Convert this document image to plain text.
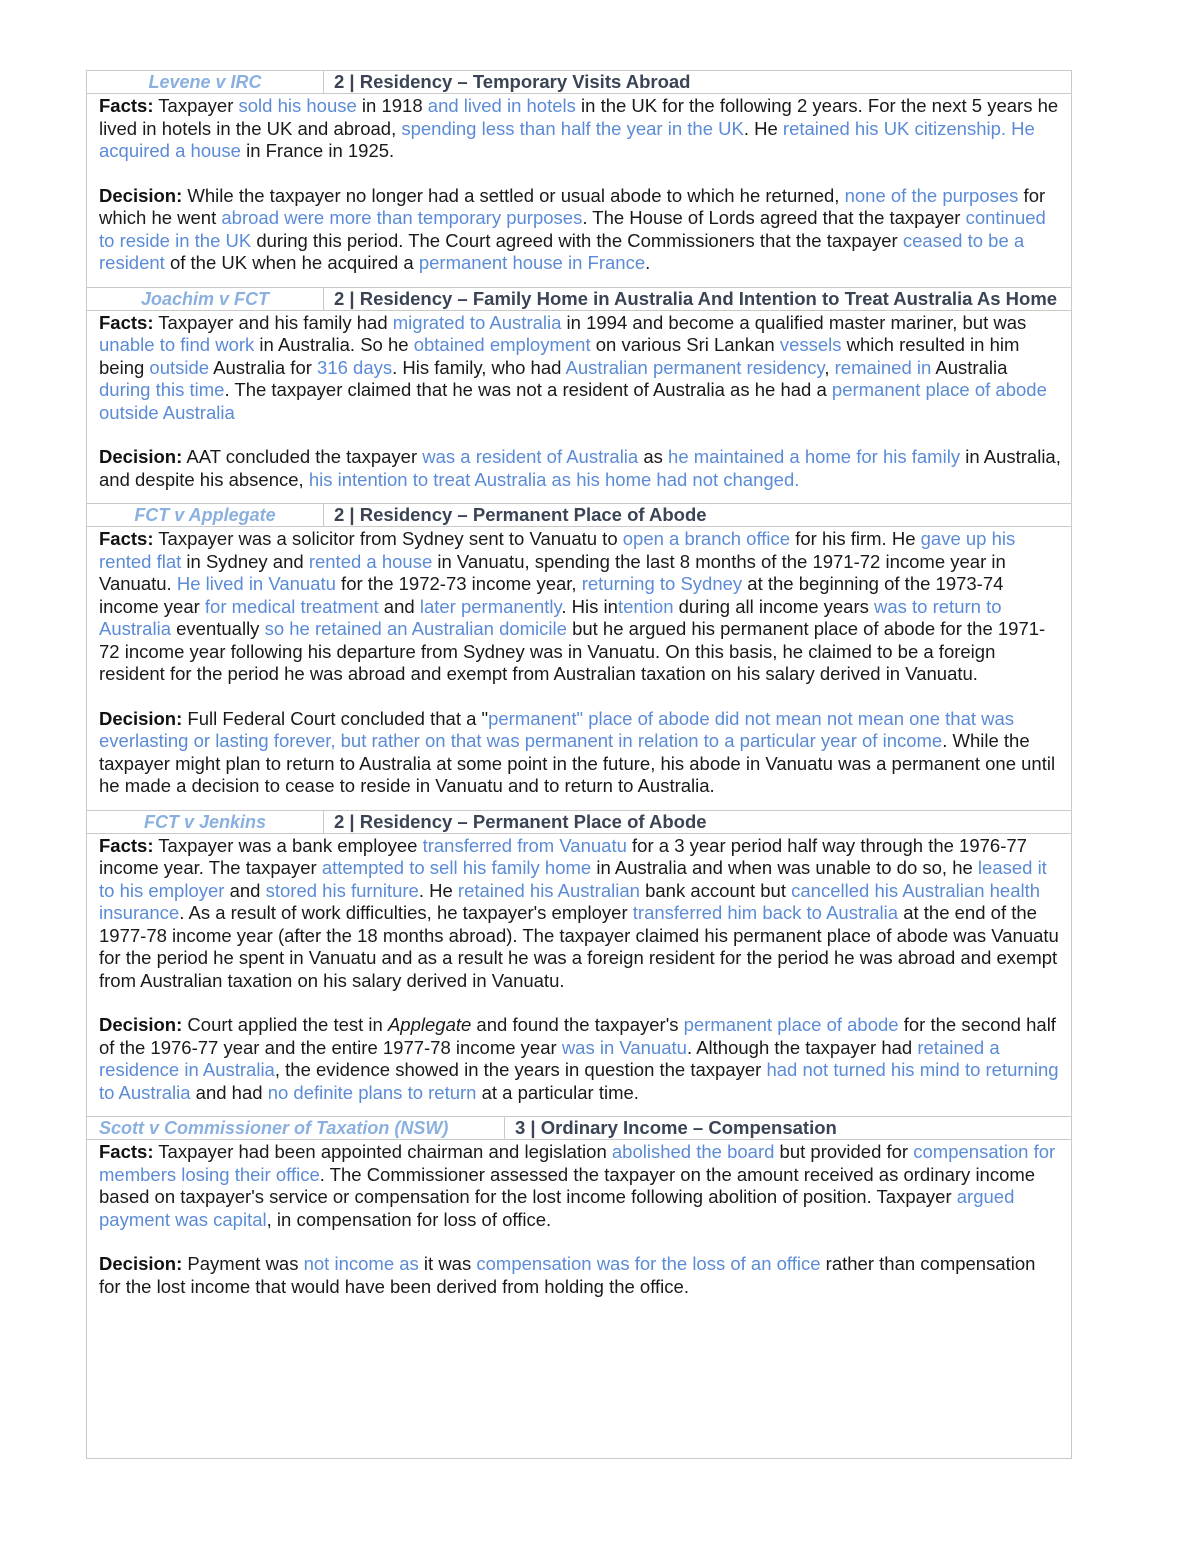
Levene v IRC	2 | Residency – Temporary Visits Abroad

Facts: Taxpayer sold his house in 1918 and lived in hotels in the UK for the following 2 years. For the next 5 years he lived in hotels in the UK and abroad, spending less than half the year in the UK. He retained his UK citizenship. He acquired a house in France in 1925.

Decision: While the taxpayer no longer had a settled or usual abode to which he returned, none of the purposes for which he went abroad were more than temporary purposes. The House of Lords agreed that the taxpayer continued to reside in the UK during this period. The Court agreed with the Commissioners that the taxpayer ceased to be a resident of the UK when he acquired a permanent house in France.

Joachim v FCT	2 | Residency – Family Home in Australia And Intention to Treat Australia As Home

Facts: Taxpayer and his family had migrated to Australia in 1994 and become a qualified master mariner, but was unable to find work in Australia. So he obtained employment on various Sri Lankan vessels which resulted in him being outside Australia for 316 days. His family, who had Australian permanent residency, remained in Australia during this time. The taxpayer claimed that he was not a resident of Australia as he had a permanent place of abode outside Australia

Decision: AAT concluded the taxpayer was a resident of Australia as he maintained a home for his family in Australia, and despite his absence, his intention to treat Australia as his home had not changed.

FCT v Applegate	2 | Residency – Permanent Place of Abode

Facts: Taxpayer was a solicitor from Sydney sent to Vanuatu to open a branch office for his firm. He gave up his rented flat in Sydney and rented a house in Vanuatu, spending the last 8 months of the 1971-72 income year in Vanuatu. He lived in Vanuatu for the 1972-73 income year, returning to Sydney at the beginning of the 1973-74 income year for medical treatment and later permanently. His intention during all income years was to return to Australia eventually so he retained an Australian domicile but he argued his permanent place of abode for the 1971-72 income year following his departure from Sydney was in Vanuatu. On this basis, he claimed to be a foreign resident for the period he was abroad and exempt from Australian taxation on his salary derived in Vanuatu.

Decision: Full Federal Court concluded that a "permanent" place of abode did not mean not mean one that was everlasting or lasting forever, but rather on that was permanent in relation to a particular year of income. While the taxpayer might plan to return to Australia at some point in the future, his abode in Vanuatu was a permanent one until he made a decision to cease to reside in Vanuatu and to return to Australia.

FCT v Jenkins	2 | Residency – Permanent Place of Abode

Facts: Taxpayer was a bank employee transferred from Vanuatu for a 3 year period half way through the 1976-77 income year. The taxpayer attempted to sell his family home in Australia and when was unable to do so, he leased it to his employer and stored his furniture. He retained his Australian bank account but cancelled his Australian health insurance. As a result of work difficulties, he taxpayer's employer transferred him back to Australia at the end of the 1977-78 income year (after the 18 months abroad). The taxpayer claimed his permanent place of abode was Vanuatu for the period he spent in Vanuatu and as a result he was a foreign resident for the period he was abroad and exempt from Australian taxation on his salary derived in Vanuatu.

Decision: Court applied the test in Applegate and found the taxpayer's permanent place of abode for the second half of the 1976-77 year and the entire 1977-78 income year was in Vanuatu. Although the taxpayer had retained a residence in Australia, the evidence showed in the years in question the taxpayer had not turned his mind to returning to Australia and had no definite plans to return at a particular time.

Scott v Commissioner of Taxation (NSW)	3 | Ordinary Income – Compensation

Facts: Taxpayer had been appointed chairman and legislation abolished the board but provided for compensation for members losing their office. The Commissioner assessed the taxpayer on the amount received as ordinary income based on taxpayer's service or compensation for the lost income following abolition of position. Taxpayer argued payment was capital, in compensation for loss of office.

Decision: Payment was not income as it was compensation was for the loss of an office rather than compensation for the lost income that would have been derived from holding the office.
